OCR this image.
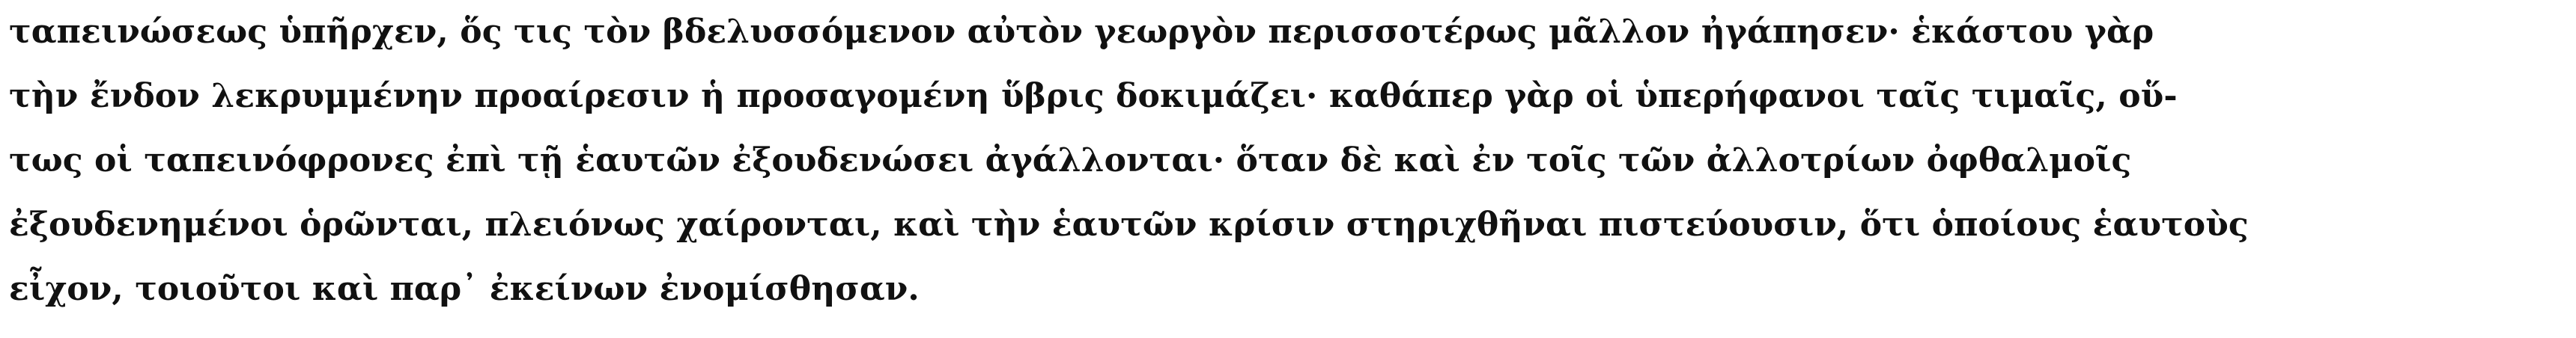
ταπεινώσεως ὑπῆρχεν, ὅς τις τὸν βδελυσσόμενον αὐτὸν γεωργὸν περισσοτέρως μᾶλλον ἠγάπησεν· ἑκάστου γὰρ
τὴν ἔνδον λεκρυμμένην προαίρεσιν ἡ προσαγομένη ὕβρις δοκιμάζει· καθάπερ γὰρ οἱ ὑπερήφανοι ταῖς τιμαῖς, οὕ-
τως οἱ ταπεινόφρονες ἐπὶ τῇ ἑαυτῶν ἐξουδενώσει ἀγάλλονται· ὅταν δὲ καὶ ἐν τοῖς τῶν ἀλλοτρίων ὀφθαλμοῖς
ἐξουδενημένοι ὁρῶνται, πλειόνως χαίρονται, καὶ τὴν ἑαυτῶν κρίσιν στηριχθῆναι πιστεύουσιν, ὅτι ὁποίους ἑαυτοὺς
εἶχον, τοιοῦτοι καὶ παρ᾽ ἐκείνων ἐνομίσθησαν.
